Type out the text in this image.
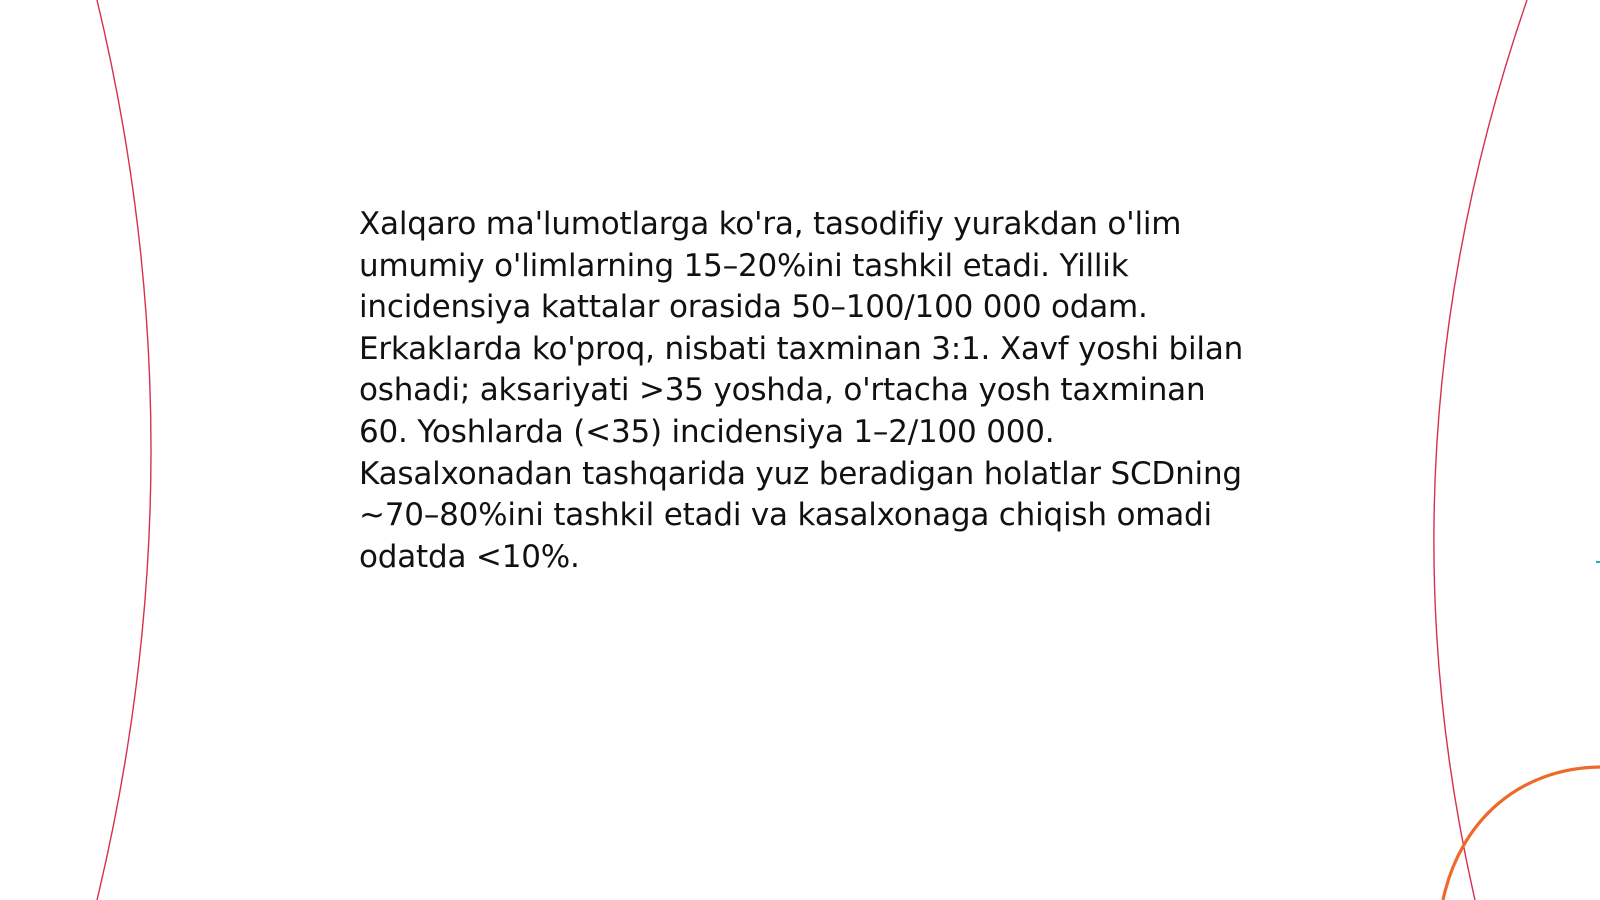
Xalqaro ma'lumotlarga ko'ra, tasodifiy yurakdan o'lim umumiy o'limlarning 15–20%ini tashkil etadi. Yillik incidensiya kattalar orasida 50–100/100 000 odam. Erkaklarda ko'proq, nisbati taxminan 3:1. Xavf yoshi bilan oshadi; aksariyati >35 yoshda, o'rtacha yosh taxminan 60. Yoshlarda (<35) incidensiya 1–2/100 000. Kasalxonadan tashqarida yuz beradigan holatlar SCDning ~70–80%ini tashkil etadi va kasalxonaga chiqish omadi odatda <10%.
